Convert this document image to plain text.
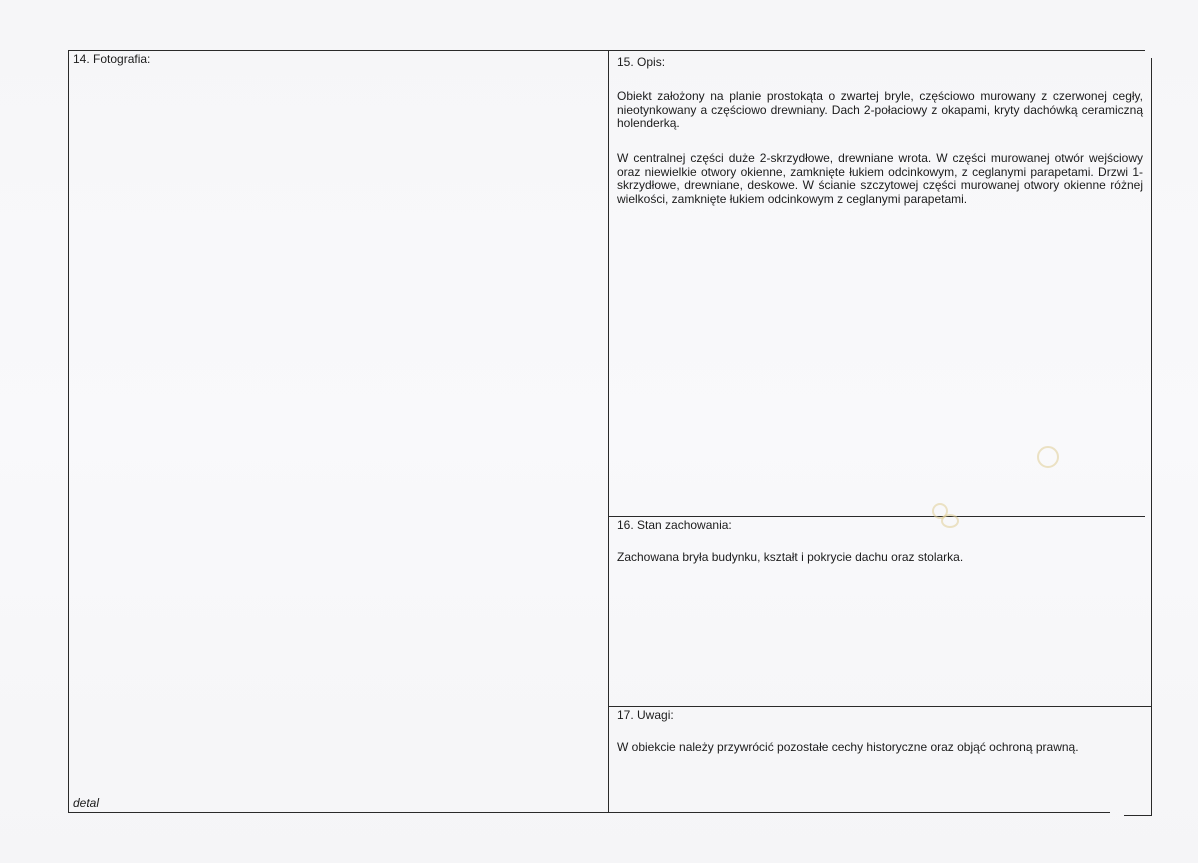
14. Fotografia:
detal
15. Opis:
Obiekt założony na planie prostokąta o zwartej bryle, częściowo murowany z czerwonej cegły, nieotynkowany a częściowo drewniany. Dach 2-połaciowy z okapami, kryty dachówką ceramiczną holenderką.
W centralnej części duże 2-skrzydłowe, drewniane wrota. W części murowanej otwór wejściowy oraz niewielkie otwory okienne, zamknięte łukiem odcinkowym, z ceglanymi parapetami. Drzwi 1-skrzydłowe, drewniane, deskowe. W ścianie szczytowej części murowanej otwory okienne różnej wielkości, zamknięte łukiem odcinkowym z ceglanymi parapetami.
16. Stan zachowania:
Zachowana bryła budynku, kształt i pokrycie dachu oraz stolarka.
17. Uwagi:
W obiekcie należy przywrócić pozostałe cechy historyczne oraz objąć ochroną prawną.
